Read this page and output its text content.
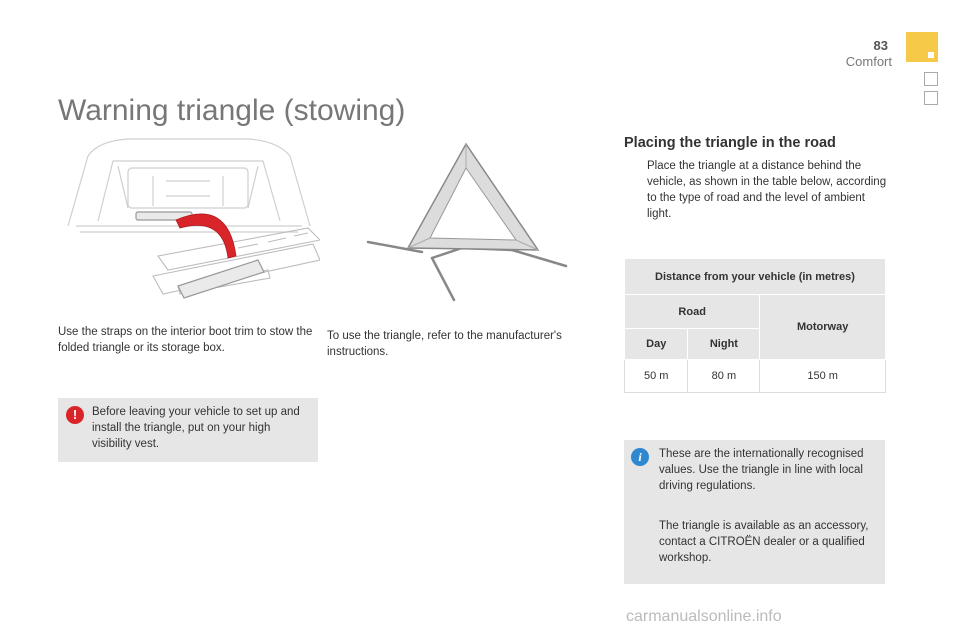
83
Comfort
Warning triangle (stowing)

Use the straps on the interior boot trim to stow the folded triangle or its storage box.

!	Before leaving your vehicle to set up and install the triangle, put on your high visibility vest.

To use the triangle, refer to the manufacturer's instructions.

Placing the triangle in the road

Place the triangle at a distance behind the vehicle, as shown in the table below, according to the type of road and the level of ambient light.

Distance from your vehicle (in metres)		
Road		Motorway
Day	Night	
50 m	80 m	150 m
i	These are the internationally recognised values. Use the triangle in line with local driving regulations.

The triangle is available as an accessory, contact a CITROËN dealer or a qualified workshop.

carmanualsonline.info
